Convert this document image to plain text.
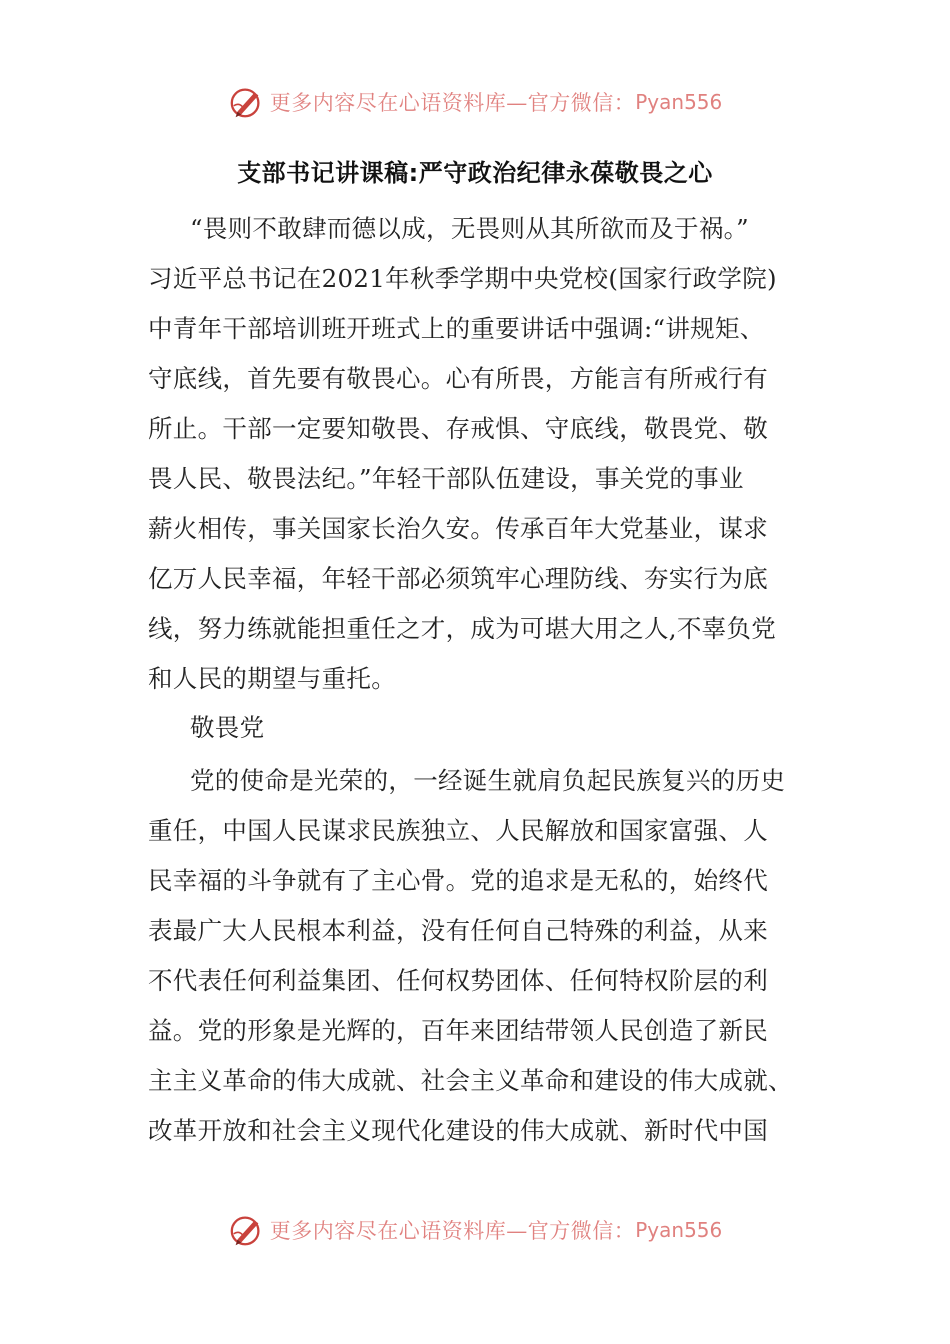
更多内容尽在心语资料库—官方微信： Pyan556
支部书记讲课稿:严守政治纪律永葆敬畏之心
“畏则不敢肆而德以成，无畏则从其所欲而及于祸。”
习近平总书记在2021年秋季学期中央党校(国家行政学院)
中青年干部培训班开班式上的重要讲话中强调:“讲规矩、
守底线，首先要有敬畏心。心有所畏，方能言有所戒行有
所止。干部一定要知敬畏、存戒惧、守底线，敬畏党、敬
畏人民、敬畏法纪。”年轻干部队伍建设，事关党的事业
薪火相传，事关国家长治久安。传承百年大党基业，谋求
亿万人民幸福，年轻干部必须筑牢心理防线、夯实行为底
线，努力练就能担重任之才，成为可堪大用之人,不辜负党
和人民的期望与重托。
敬畏党
党的使命是光荣的，一经诞生就肩负起民族复兴的历史
重任，中国人民谋求民族独立、人民解放和国家富强、人
民幸福的斗争就有了主心骨。党的追求是无私的，始终代
表最广大人民根本利益，没有任何自己特殊的利益，从来
不代表任何利益集团、任何权势团体、任何特权阶层的利
益。党的形象是光辉的，百年来团结带领人民创造了新民
主主义革命的伟大成就、社会主义革命和建设的伟大成就、
改革开放和社会主义现代化建设的伟大成就、新时代中国
更多内容尽在心语资料库—官方微信： Pyan556
